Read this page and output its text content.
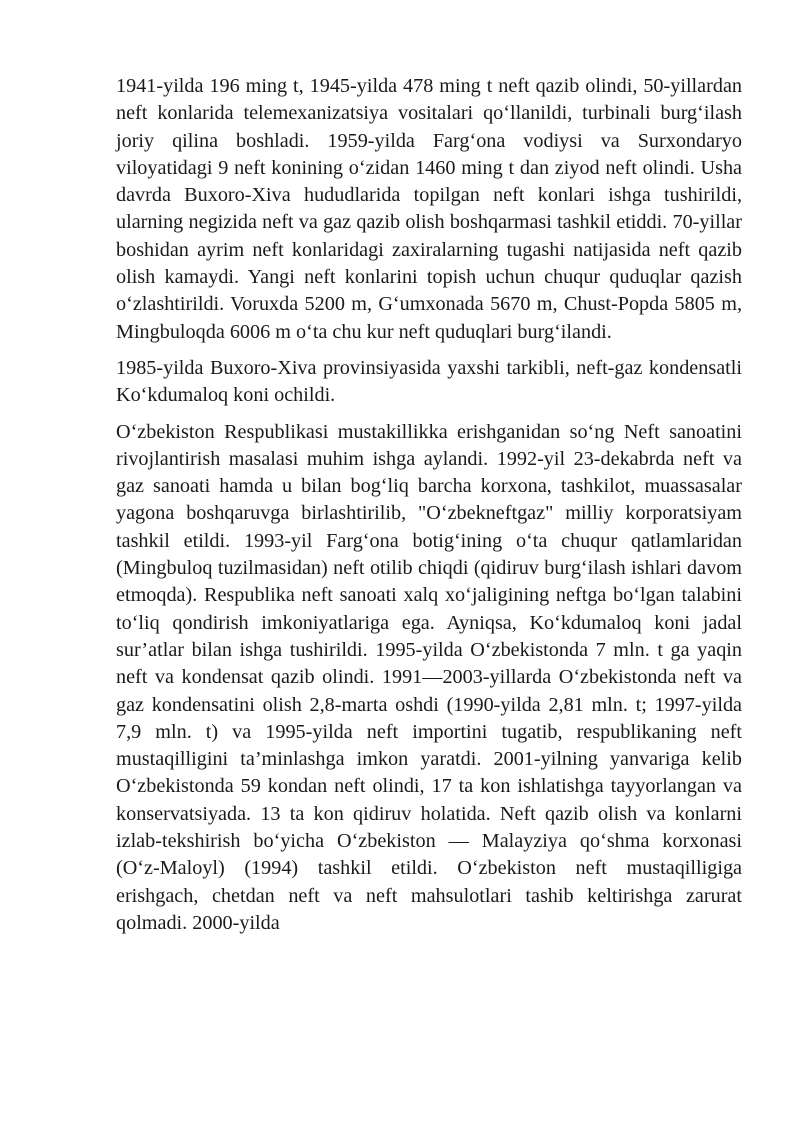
1941-yilda 196 ming t, 1945-yilda 478 ming t neft qazib olindi, 50-yillardan neft konlarida telemexanizatsiya vositalari qo‘llanildi, turbinali burg‘ilash joriy qilina boshladi. 1959-yilda Farg‘ona vodiysi va Surxondaryo viloyatidagi 9 neft konining o‘zidan 1460 ming t dan ziyod neft olindi. Usha davrda Buxoro-Xiva hududlarida topilgan neft konlari ishga tushirildi, ularning negizida neft va gaz qazib olish boshqarmasi tashkil etiddi. 70-yillar boshidan ayrim neft konlaridagi zaxiralarning tugashi natijasida neft qazib olish kamaydi. Yangi neft konlarini topish uchun chuqur quduqlar qazish o‘zlashtirildi. Voruxda 5200 m, G‘umxonada 5670 m, Chust-Popda 5805 m, Mingbuloqda 6006 m o‘ta chu kur neft quduqlari burg‘ilandi.

1985-yilda Buxoro-Xiva provinsiyasida yaxshi tarkibli, neft-gaz kondensatli Ko‘kdumaloq koni ochildi.

O‘zbekiston Respublikasi mustakillikka erishganidan so‘ng Neft sanoatini rivojlantirish masalasi muhim ishga aylandi. 1992-yil 23-dekabrda neft va gaz sanoati hamda u bilan bog‘liq barcha korxona, tashkilot, muassasalar yagona boshqaruvga birlashtirilib, "O‘zbekneftgaz" milliy korporatsiyam tashkil etildi. 1993-yil Farg‘ona botig‘ining o‘ta chuqur qatlamlaridan (Mingbuloq tuzilmasidan) neft otilib chiqdi (qidiruv burg‘ilash ishlari davom etmoqda). Respublika neft sanoati xalq xo‘jaligining neftga bo‘lgan talabini to‘liq qondirish imkoniyatlariga ega. Ayniqsa, Ko‘kdumaloq koni jadal sur’atlar bilan ishga tushirildi. 1995-yilda O‘zbekistonda 7 mln. t ga yaqin neft va kondensat qazib olindi. 1991—2003-yillarda O‘zbekistonda neft va gaz kondensatini olish 2,8-marta oshdi (1990-yilda 2,81 mln. t; 1997-yilda 7,9 mln. t) va 1995-yilda neft importini tugatib, respublikaning neft mustaqilligini ta’minlashga imkon yaratdi. 2001-yilning yanvariga kelib O‘zbekistonda 59 kondan neft olindi, 17 ta kon ishlatishga tayyorlangan va konservatsiyada. 13 ta kon qidiruv holatida. Neft qazib olish va konlarni izlab-tekshirish bo‘yicha O‘zbekiston — Malayziya qo‘shma korxonasi (O‘z-Maloyl) (1994) tashkil etildi. O‘zbekiston neft mustaqilligiga erishgach, chetdan neft va neft mahsulotlari tashib keltirishga zarurat qolmadi. 2000-yilda
